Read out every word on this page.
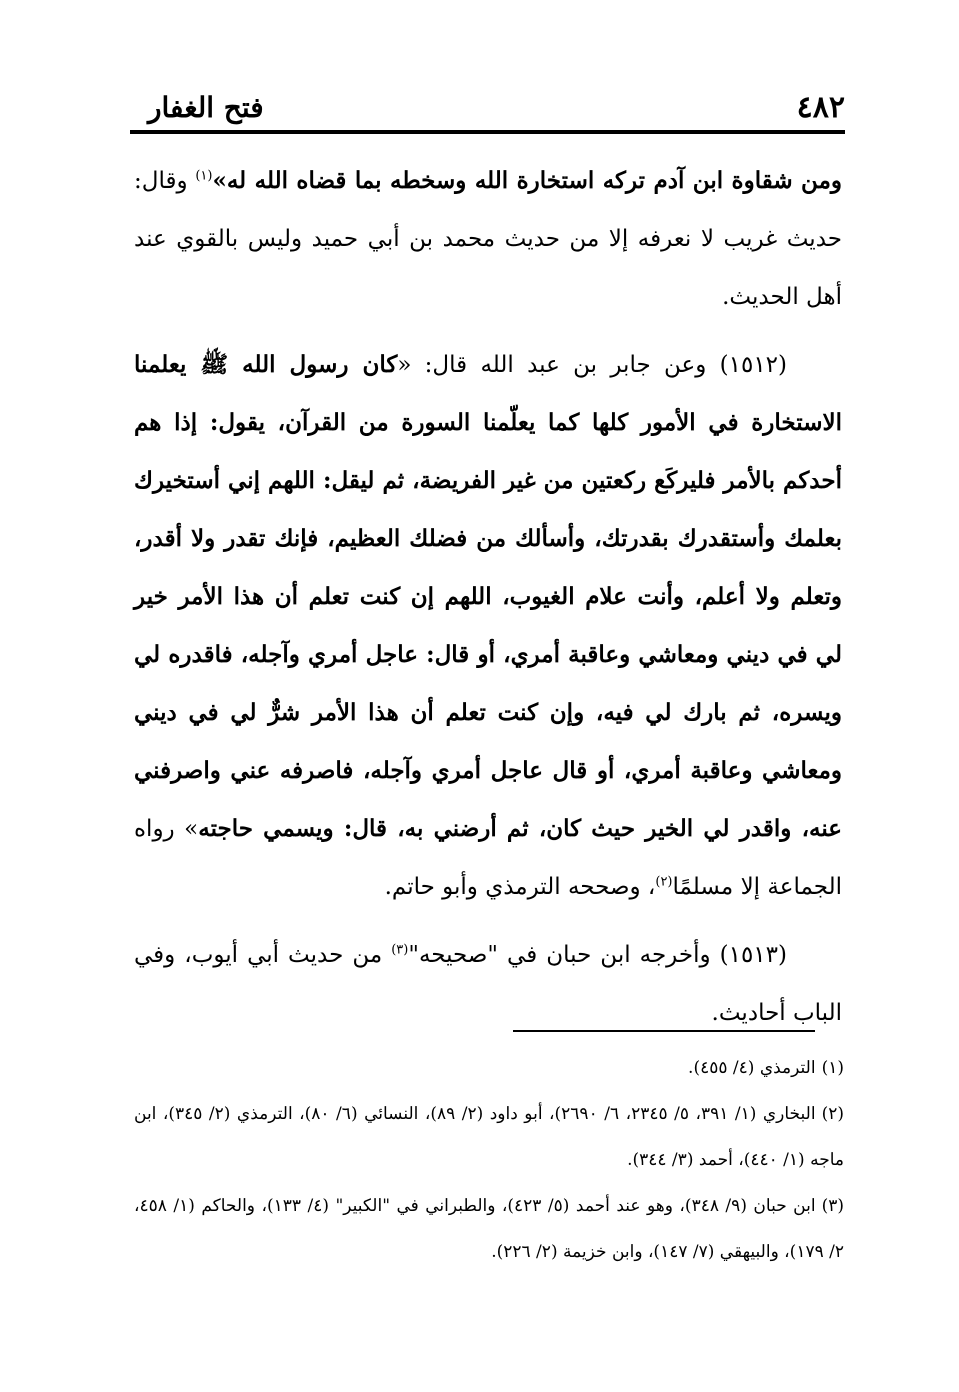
٤٨٢
فتح الغفار

ومن شقاوة ابن آدم تركه استخارة الله وسخطه بما قضاه الله له»$^{(١)}$ وقال: حديث غريب لا نعرفه إلا من حديث محمد بن أبي حميد وليس بالقوي عند أهل الحديث.

(١٥١٢) وعن جابر بن عبد الله قال: «كان رسول الله ﷺ يعلمنا الاستخارة في الأمور كلها كما يعلّمنا السورة من القرآن، يقول: إذا هم أحدكم بالأمر فليركَع ركعتين من غير الفريضة، ثم ليقل: اللهم إني أستخيرك بعلمك وأستقدرك بقدرتك، وأسألك من فضلك العظيم، فإنك تقدر ولا أقدر، وتعلم ولا أعلم، وأنت علام الغيوب، اللهم إن كنت تعلم أن هذا الأمر خير لي في ديني ومعاشي وعاقبة أمري، أو قال: عاجل أمري وآجله، فاقدره لي ويسره، ثم بارك لي فيه، وإن كنت تعلم أن هذا الأمر شرٌّ لي في ديني ومعاشي وعاقبة أمري، أو قال عاجل أمري وآجله، فاصرفه عني واصرفني عنه، واقدر لي الخير حيث كان، ثم أرضني به، قال: ويسمي حاجته» رواه الجماعة إلا مسلمًا$^{(٢)}$، وصححه الترمذي وأبو حاتم.

(١٥١٣) وأخرجه ابن حبان في "صحيحه"$^{(٣)}$ من حديث أبي أيوب، وفي الباب أحاديث.

(١)الترمذي (٤/ ٤٥٥).
(٢)البخاري (١/ ٣٩١، ٥/ ٢٣٤٥، ٦/ ٢٦٩٠)، أبو داود (٢/ ٨٩)، النسائي (٦/ ٨٠)، الترمذي (٢/ ٣٤٥)، ابن ماجه (١/ ٤٤٠)، أحمد (٣/ ٣٤٤).
(٣)ابن حبان (٩/ ٣٤٨)، وهو عند أحمد (٥/ ٤٢٣)، والطبراني في "الكبير" (٤/ ١٣٣)، والحاكم (١/ ٤٥٨، ٢/ ١٧٩)، والبيهقي (٧/ ١٤٧)، وابن خزيمة (٢/ ٢٢٦).
